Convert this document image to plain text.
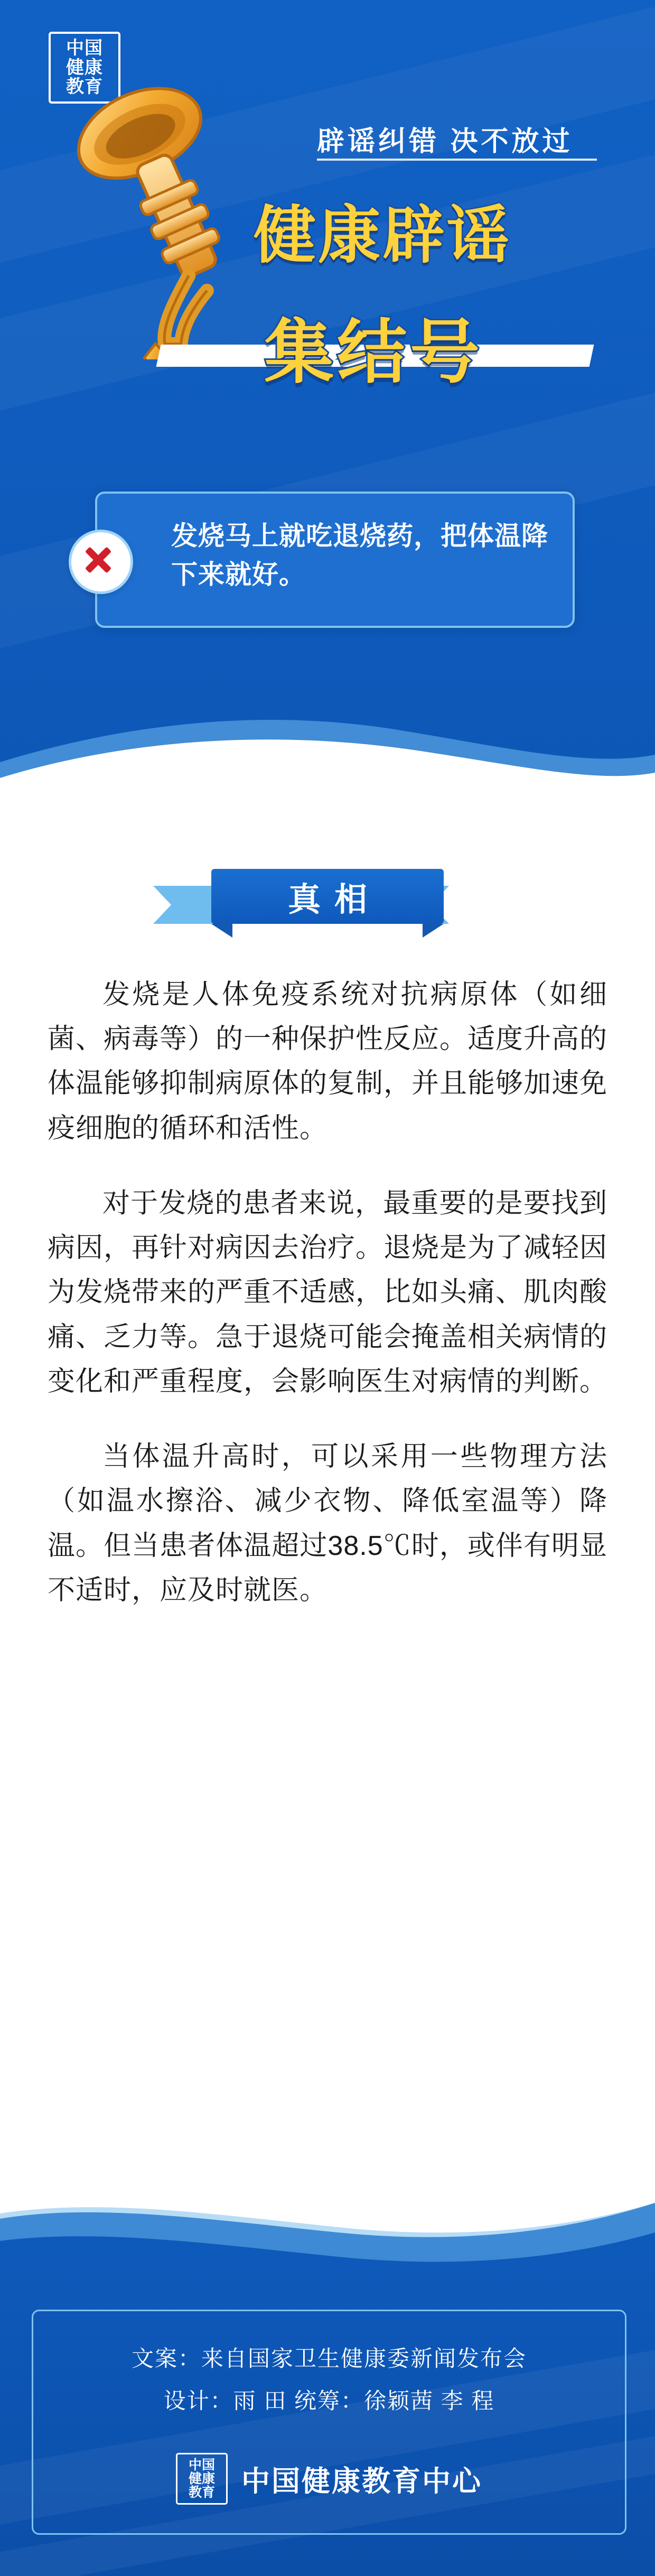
中国
健康
教育
辟谣纠错 决不放过
健康辟谣
集结号
发烧马上就吃退烧药，把体温降下来就好。
真相

发烧是人体免疫系统对抗病原体（如细菌、病毒等）的一种保护性反应。适度升高的体温能够抑制病原体的复制，并且能够加速免疫细胞的循环和活性。

对于发烧的患者来说，最重要的是要找到病因，再针对病因去治疗。退烧是为了减轻因为发烧带来的严重不适感，比如头痛、肌肉酸痛、乏力等。急于退烧可能会掩盖相关病情的变化和严重程度，会影响医生对病情的判断。

当体温升高时，可以采用一些物理方法（如温水擦浴、减少衣物、降低室温等）降温。但当患者体温超过38.5℃时，或伴有明显不适时，应及时就医。

文案：来自国家卫生健康委新闻发布会
设计：雨 田 统筹：徐颖茜 李 程
中国
健康
教育 中国健康教育中心
